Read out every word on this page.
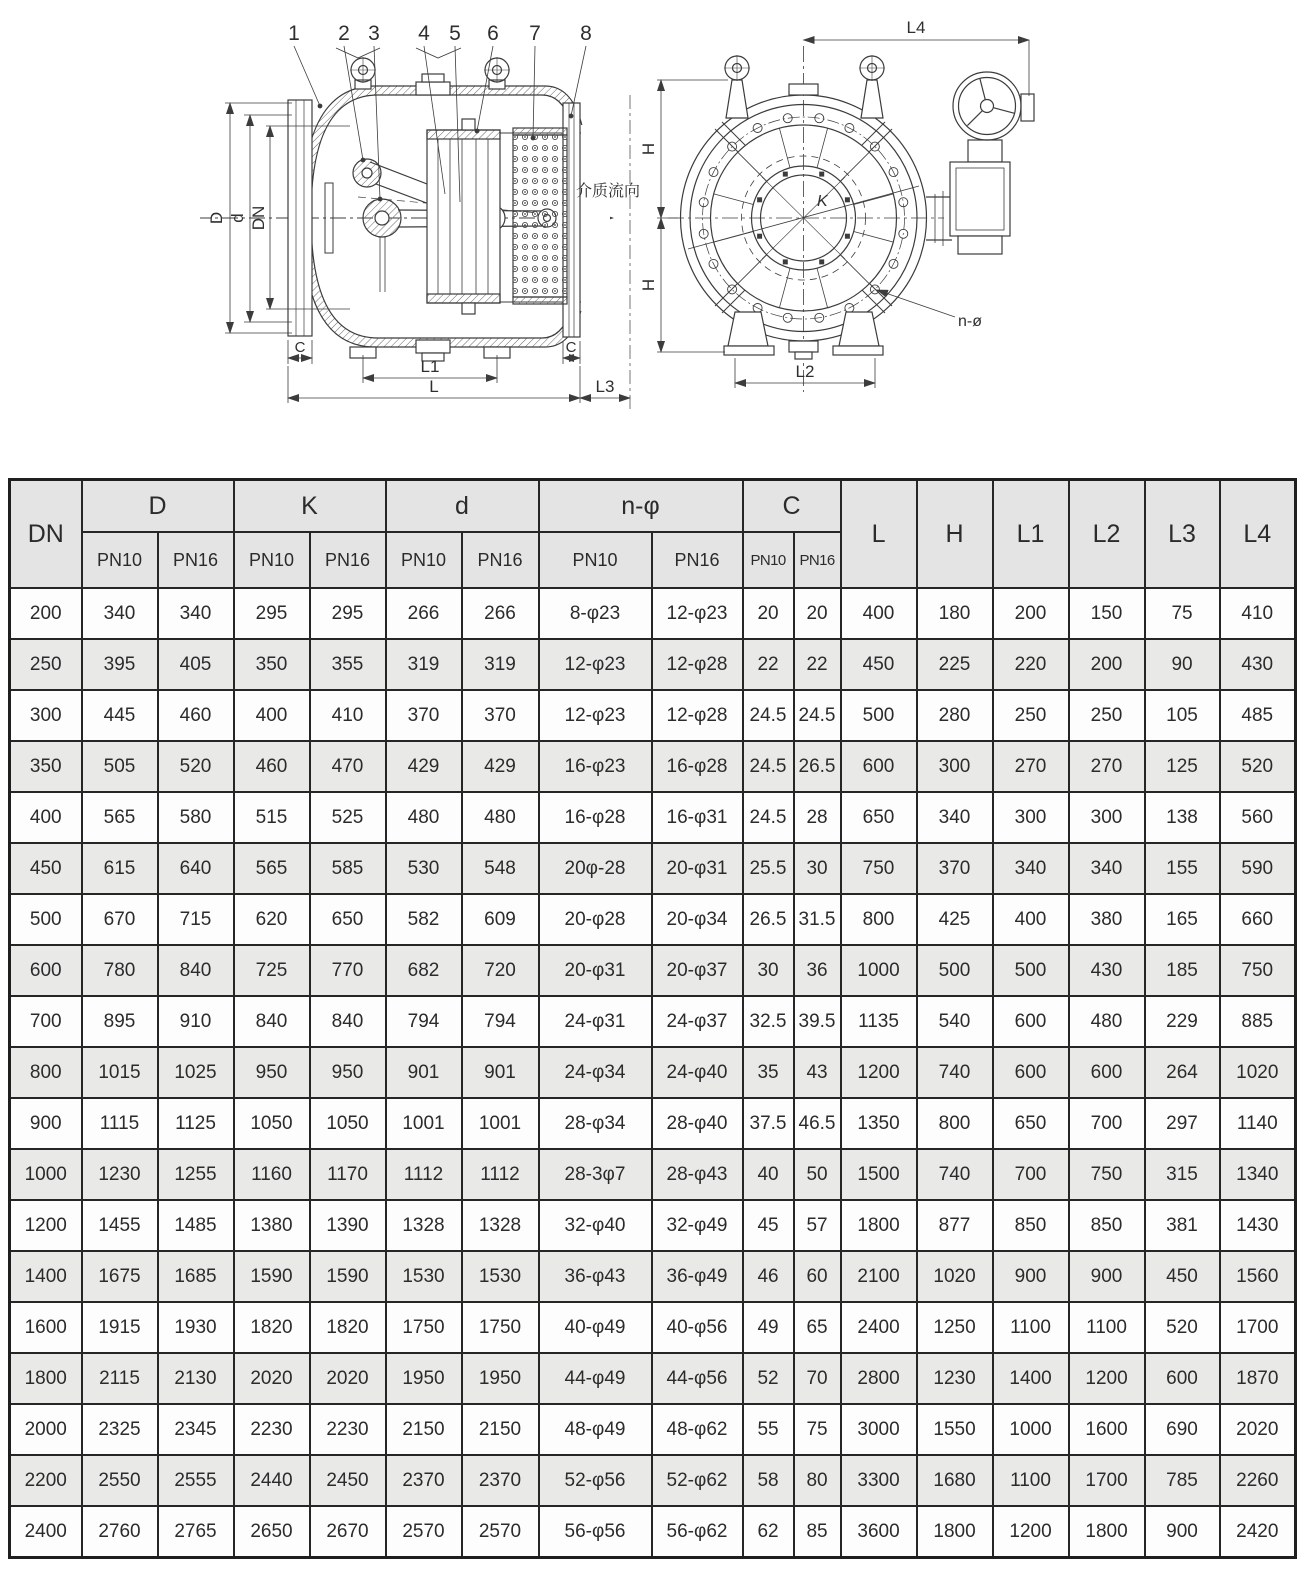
1 2 3 4 5 6 7 8
D d DN
C	C
L1
L	L3
介质流向
L4
H
H
K
L2
n-ø
DN	D		K		d		n-φ		C		L	H	L1	L2	L3	L4
	PN10	PN16	PN10	PN16	PN10	PN16	PN10	PN16	PN10	PN16						
200	340	340	295	295	266	266	8-φ23	12-φ23	20	20	400	180	200	150	75	410
250	395	405	350	355	319	319	12-φ23	12-φ28	22	22	450	225	220	200	90	430
300	445	460	400	410	370	370	12-φ23	12-φ28	24.5	24.5	500	280	250	250	105	485
350	505	520	460	470	429	429	16-φ23	16-φ28	24.5	26.5	600	300	270	270	125	520
400	565	580	515	525	480	480	16-φ28	16-φ31	24.5	28	650	340	300	300	138	560
450	615	640	565	585	530	548	20φ-28	20-φ31	25.5	30	750	370	340	340	155	590
500	670	715	620	650	582	609	20-φ28	20-φ34	26.5	31.5	800	425	400	380	165	660
600	780	840	725	770	682	720	20-φ31	20-φ37	30	36	1000	500	500	430	185	750
700	895	910	840	840	794	794	24-φ31	24-φ37	32.5	39.5	1135	540	600	480	229	885
800	1015	1025	950	950	901	901	24-φ34	24-φ40	35	43	1200	740	600	600	264	1020
900	1115	1125	1050	1050	1001	1001	28-φ34	28-φ40	37.5	46.5	1350	800	650	700	297	1140
1000	1230	1255	1160	1170	1112	1112	28-3φ7	28-φ43	40	50	1500	740	700	750	315	1340
1200	1455	1485	1380	1390	1328	1328	32-φ40	32-φ49	45	57	1800	877	850	850	381	1430
1400	1675	1685	1590	1590	1530	1530	36-φ43	36-φ49	46	60	2100	1020	900	900	450	1560
1600	1915	1930	1820	1820	1750	1750	40-φ49	40-φ56	49	65	2400	1250	1100	1100	520	1700
1800	2115	2130	2020	2020	1950	1950	44-φ49	44-φ56	52	70	2800	1230	1400	1200	600	1870
2000	2325	2345	2230	2230	2150	2150	48-φ49	48-φ62	55	75	3000	1550	1000	1600	690	2020
2200	2550	2555	2440	2450	2370	2370	52-φ56	52-φ62	58	80	3300	1680	1100	1700	785	2260
2400	2760	2765	2650	2670	2570	2570	56-φ56	56-φ62	62	85	3600	1800	1200	1800	900	2420
